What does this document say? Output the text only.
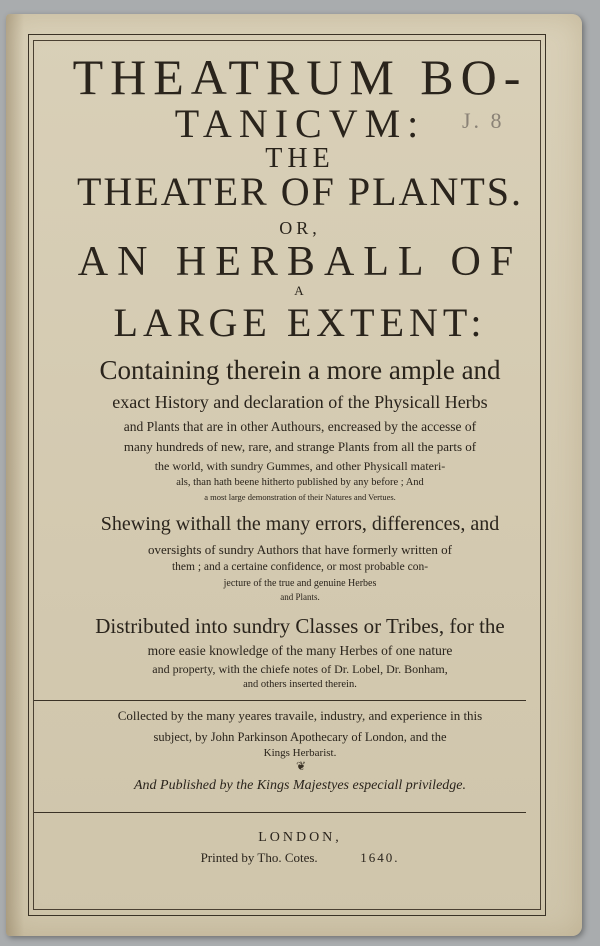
J. 8
THEATRUM BO-
TANICVM:
THE
THEATER OF PLANTS.
OR,
AN HERBALL OF
A
LARGE EXTENT:
Containing therein a more ample and
exact History and declaration of the Physicall Herbs
and Plants that are in other Authours, encreased by the accesse of
many hundreds of new, rare, and strange Plants from all the parts of
the world, with sundry Gummes, and other Physicall materi-
als, than hath beene hitherto published by any before ; And
a most large demonstration of their Natures and Vertues.
Shewing withall the many errors, differences, and
oversights of sundry Authors that have formerly written of
them ; and a certaine confidence, or most probable con-
jecture of the true and genuine Herbes
and Plants.
Distributed into sundry Classes or Tribes, for the
more easie knowledge of the many Herbes of one nature
and property, with the chiefe notes of Dr. Lobel, Dr. Bonham,
and others inserted therein.
Collected by the many yeares travaile, industry, and experience in this
subject, by John Parkinson Apothecary of London, and the
Kings Herbarist.
❦
And Published by the Kings Majestyes especiall priviledge.
LONDON,
Printed by Tho. Cotes.	1640.
